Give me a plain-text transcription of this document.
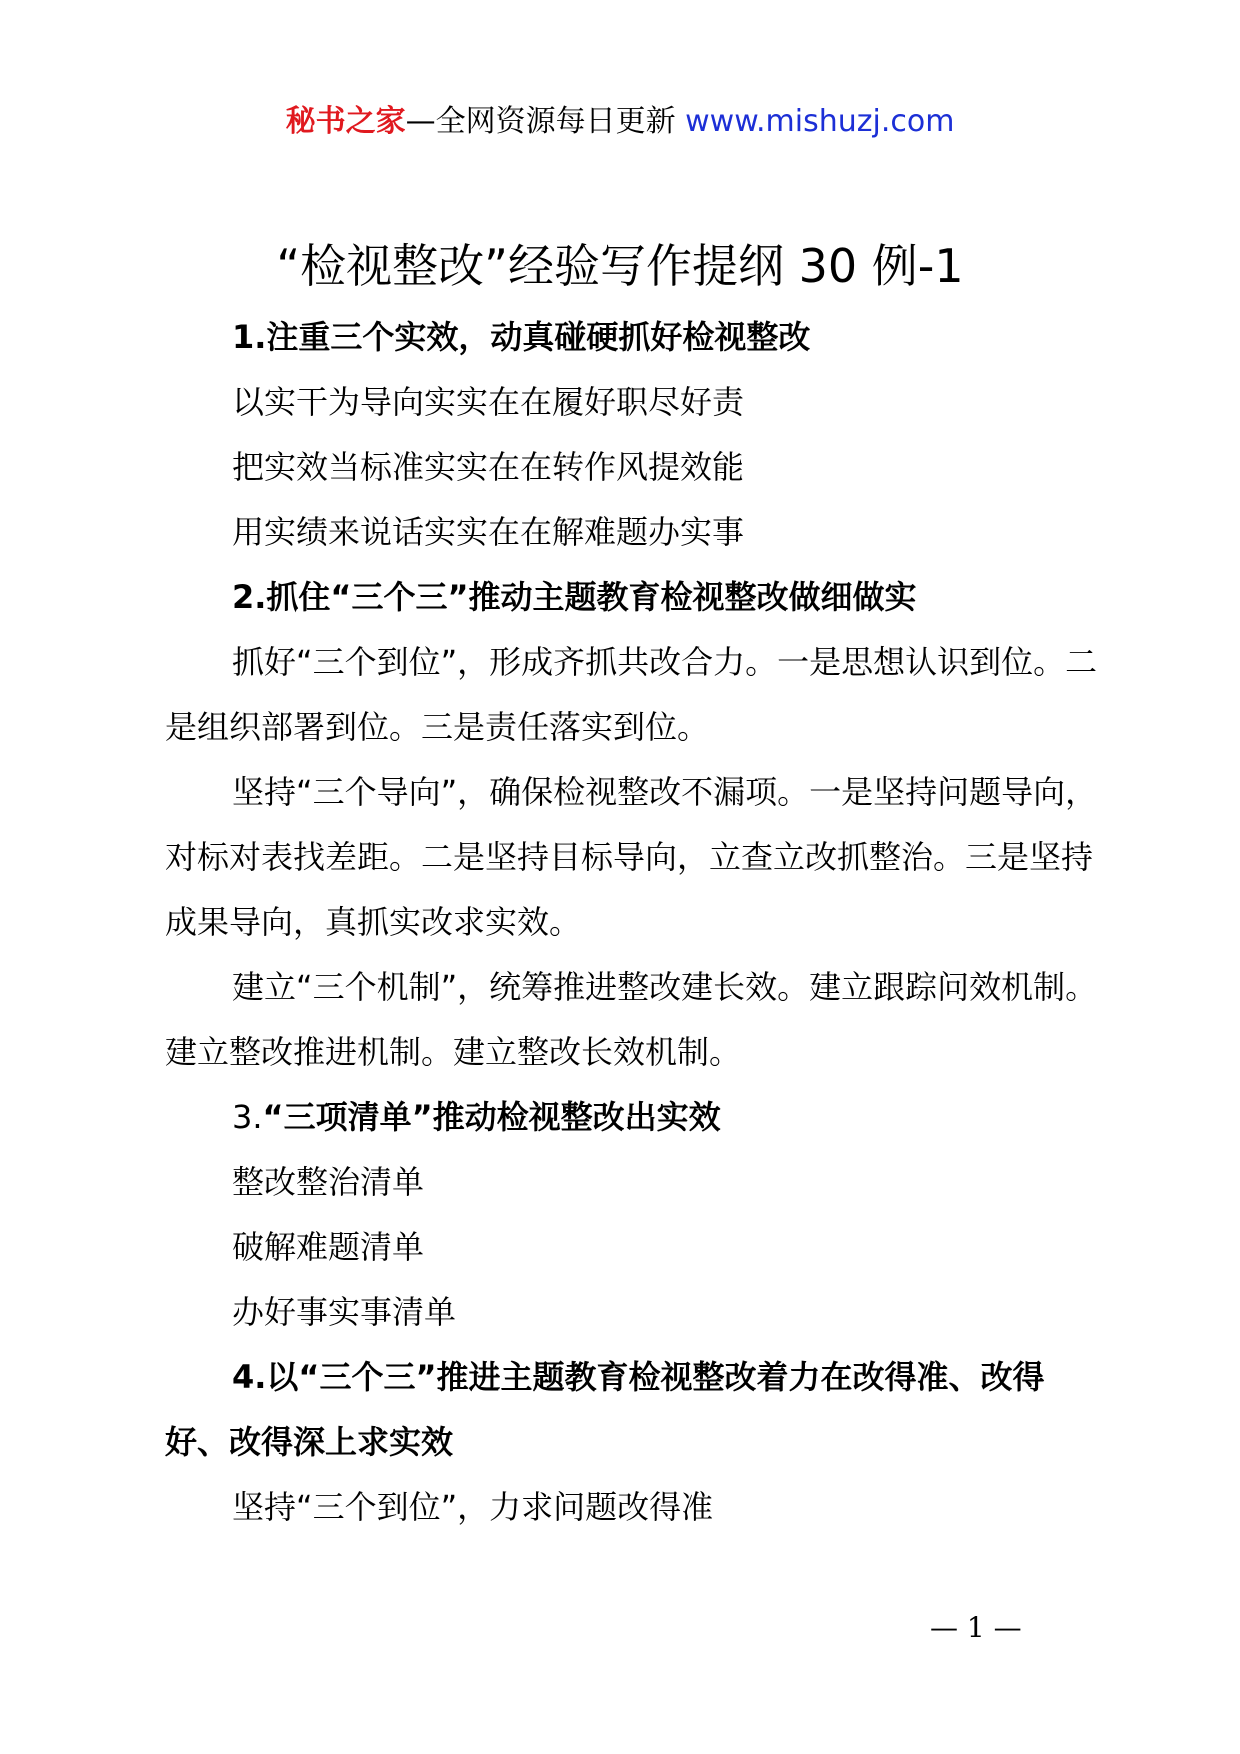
秘书之家—全网资源每日更新 www.mishuzj.com
“检视整改”经验写作提纲 30 例-1

1.注重三个实效，动真碰硬抓好检视整改

以实干为导向实实在在履好职尽好责

把实效当标准实实在在转作风提效能

用实绩来说话实实在在解难题办实事

2.抓住“三个三”推动主题教育检视整改做细做实

抓好“三个到位”，形成齐抓共改合力。一是思想认识到位。二是组织部署到位。三是责任落实到位。

坚持“三个导向”，确保检视整改不漏项。一是坚持问题导向，对标对表找差距。二是坚持目标导向，立查立改抓整治。三是坚持成果导向，真抓实改求实效。

建立“三个机制”，统筹推进整改建长效。建立跟踪问效机制。建立整改推进机制。建立整改长效机制。

3.“三项清单”推动检视整改出实效

整改整治清单

破解难题清单

办好事实事清单

4.以“三个三”推进主题教育检视整改着力在改得准、改得好、改得深上求实效

坚持“三个到位”，力求问题改得准

— 1 —
